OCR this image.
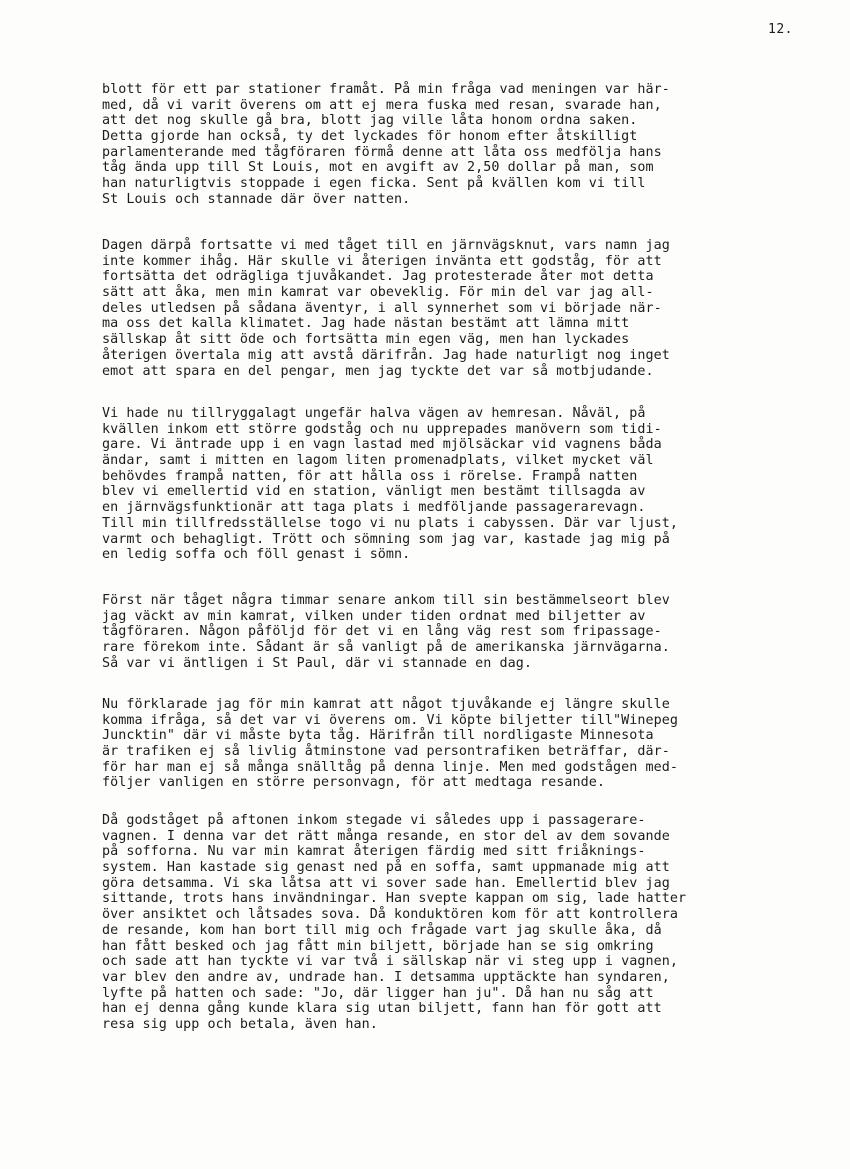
12.
blott för ett par stationer framåt. På min fråga vad meningen var här-
med, då vi varit överens om att ej mera fuska med resan, svarade han,
att det nog skulle gå bra, blott jag ville låta honom ordna saken.
Detta gjorde han också, ty det lyckades för honom efter åtskilligt
parlamenterande med tågföraren förmå denne att låta oss medfölja hans
tåg ända upp till St Louis, mot en avgift av 2,50 dollar på man, som
han naturligtvis stoppade i egen ficka. Sent på kvällen kom vi till
St Louis och stannade där över natten.
Dagen därpå fortsatte vi med tåget till en järnvägsknut, vars namn jag
inte kommer ihåg. Här skulle vi återigen invänta ett godståg, för att
fortsätta det odrägliga tjuvåkandet. Jag protesterade åter mot detta
sätt att åka, men min kamrat var obeveklig. För min del var jag all-
deles utledsen på sådana äventyr, i all synnerhet som vi började när-
ma oss det kalla klimatet. Jag hade nästan bestämt att lämna mitt
sällskap åt sitt öde och fortsätta min egen väg, men han lyckades
återigen övertala mig att avstå därifrån. Jag hade naturligt nog inget
emot att spara en del pengar, men jag tyckte det var så motbjudande.
Vi hade nu tillryggalagt ungefär halva vägen av hemresan. Nåväl, på
kvällen inkom ett större godståg och nu upprepades manövern som tidi-
gare. Vi äntrade upp i en vagn lastad med mjölsäckar vid vagnens båda
ändar, samt i mitten en lagom liten promenadplats, vilket mycket väl
behövdes frampå natten, för att hålla oss i rörelse. Frampå natten
blev vi emellertid vid en station, vänligt men bestämt tillsagda av
en järnvägsfunktionär att taga plats i medföljande passagerarevagn.
Till min tillfredsställelse togo vi nu plats i cabyssen. Där var ljust,
varmt och behagligt. Trött och sömning som jag var, kastade jag mig på
en ledig soffa och föll genast i sömn.
Först när tåget några timmar senare ankom till sin bestämmelseort blev
jag väckt av min kamrat, vilken under tiden ordnat med biljetter av
tågföraren. Någon påföljd för det vi en lång väg rest som fripassage-
rare förekom inte. Sådant är så vanligt på de amerikanska järnvägarna.
Så var vi äntligen i St Paul, där vi stannade en dag.
Nu förklarade jag för min kamrat att något tjuvåkande ej längre skulle
komma ifråga, så det var vi överens om. Vi köpte biljetter till"Winepeg
Juncktin" där vi måste byta tåg. Härifrån till nordligaste Minnesota
är trafiken ej så livlig åtminstone vad persontrafiken beträffar, där-
för har man ej så många snälltåg på denna linje. Men med godstågen med-
följer vanligen en större personvagn, för att medtaga resande.
Då godståget på aftonen inkom stegade vi således upp i passagerare-
vagnen. I denna var det rätt många resande, en stor del av dem sovande
på sofforna. Nu var min kamrat återigen färdig med sitt friåknings-
system. Han kastade sig genast ned på en soffa, samt uppmanade mig att
göra detsamma. Vi ska låtsa att vi sover sade han. Emellertid blev jag
sittande, trots hans invändningar. Han svepte kappan om sig, lade hatter
över ansiktet och låtsades sova. Då konduktören kom för att kontrollera
de resande, kom han bort till mig och frågade vart jag skulle åka, då
han fått besked och jag fått min biljett, började han se sig omkring
och sade att han tyckte vi var två i sällskap när vi steg upp i vagnen,
var blev den andre av, undrade han. I detsamma upptäckte han syndaren,
lyfte på hatten och sade: "Jo, där ligger han ju". Då han nu såg att
han ej denna gång kunde klara sig utan biljett, fann han för gott att
resa sig upp och betala, även han.
